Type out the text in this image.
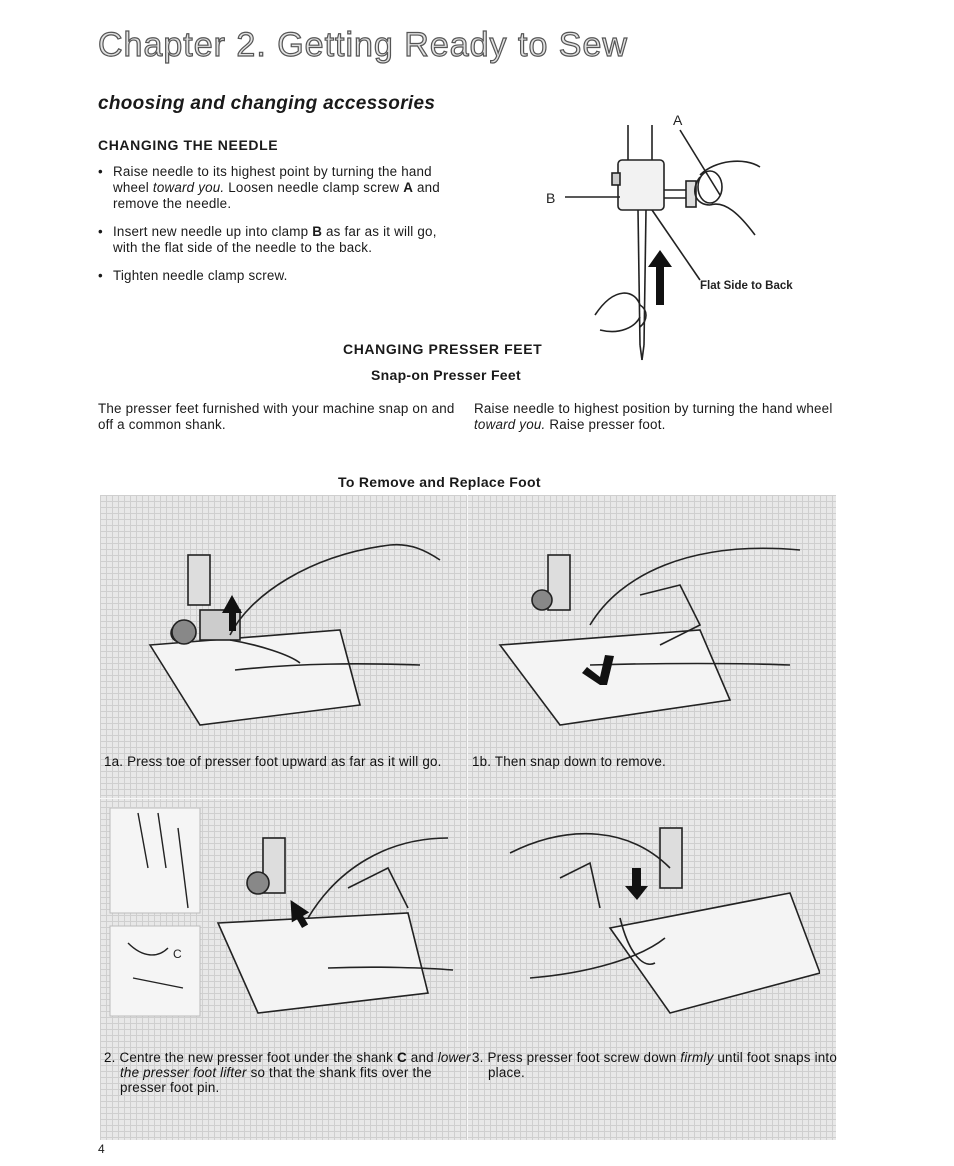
Chapter 2. Getting Ready to Sew
choosing and changing accessories
CHANGING THE NEEDLE
• Raise needle to its highest point by turning the hand wheel toward you. Loosen needle clamp screw A and remove the needle.
• Insert new needle up into clamp B as far as it will go, with the flat side of the needle to the back.
• Tighten needle clamp screw.
A
B
Flat Side to Back
CHANGING PRESSER FEET
Snap-on Presser Feet
The presser feet furnished with your machine snap on and off a common shank.
Raise needle to highest position by turning the hand wheel toward you. Raise presser foot.
To Remove and Replace Foot
C
1a. Press toe of presser foot upward as far as it will go.	1b. Then snap down to remove.
2. Centre the new presser foot under the shank C and lower the presser foot lifter so that the shank fits over the presser foot pin.
3. Press presser foot screw down firmly until foot snaps into place.
4
